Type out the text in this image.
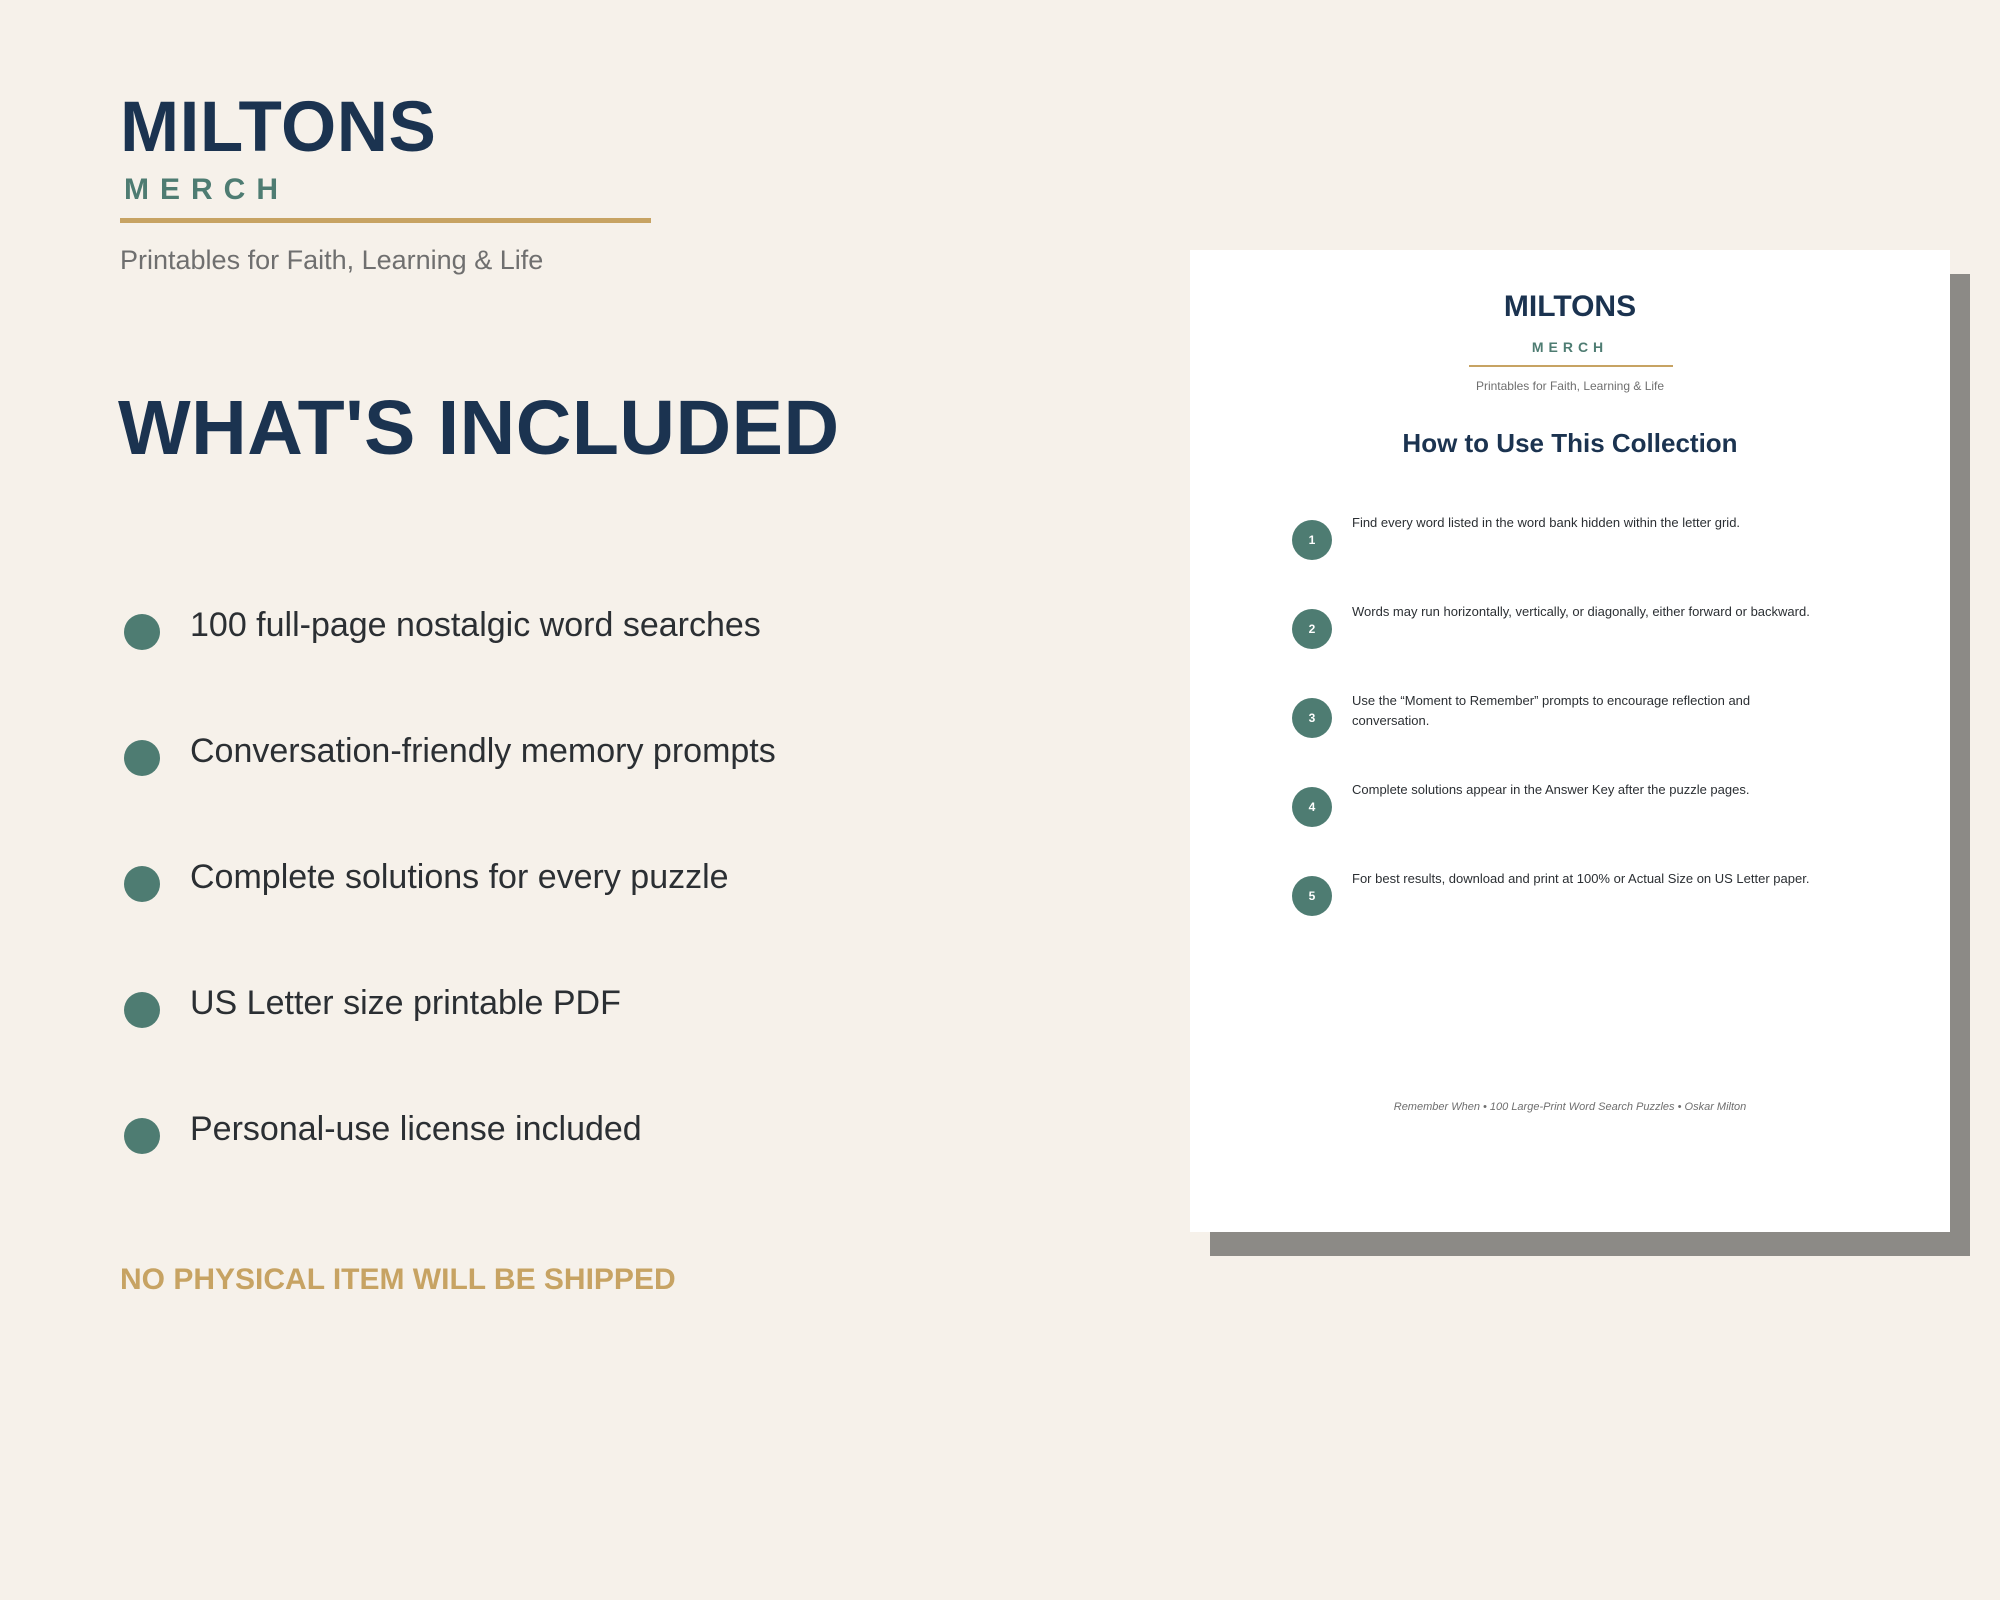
MILTONS
MERCH
Printables for Faith, Learning & Life
WHAT'S INCLUDED
100 full-page nostalgic word searches
Conversation-friendly memory prompts
Complete solutions for every puzzle
US Letter size printable PDF
Personal-use license included
NO PHYSICAL ITEM WILL BE SHIPPED
MILTONS
MERCH
Printables for Faith, Learning & Life
How to Use This Collection
1
Find every word listed in the word bank hidden within the letter grid.
2
Words may run horizontally, vertically, or diagonally, either forward or backward.
3
Use the “Moment to Remember” prompts to encourage reflection and conversation.
4
Complete solutions appear in the Answer Key after the puzzle pages.
5
For best results, download and print at 100% or Actual Size on US Letter paper.
Remember When • 100 Large-Print Word Search Puzzles • Oskar Milton
